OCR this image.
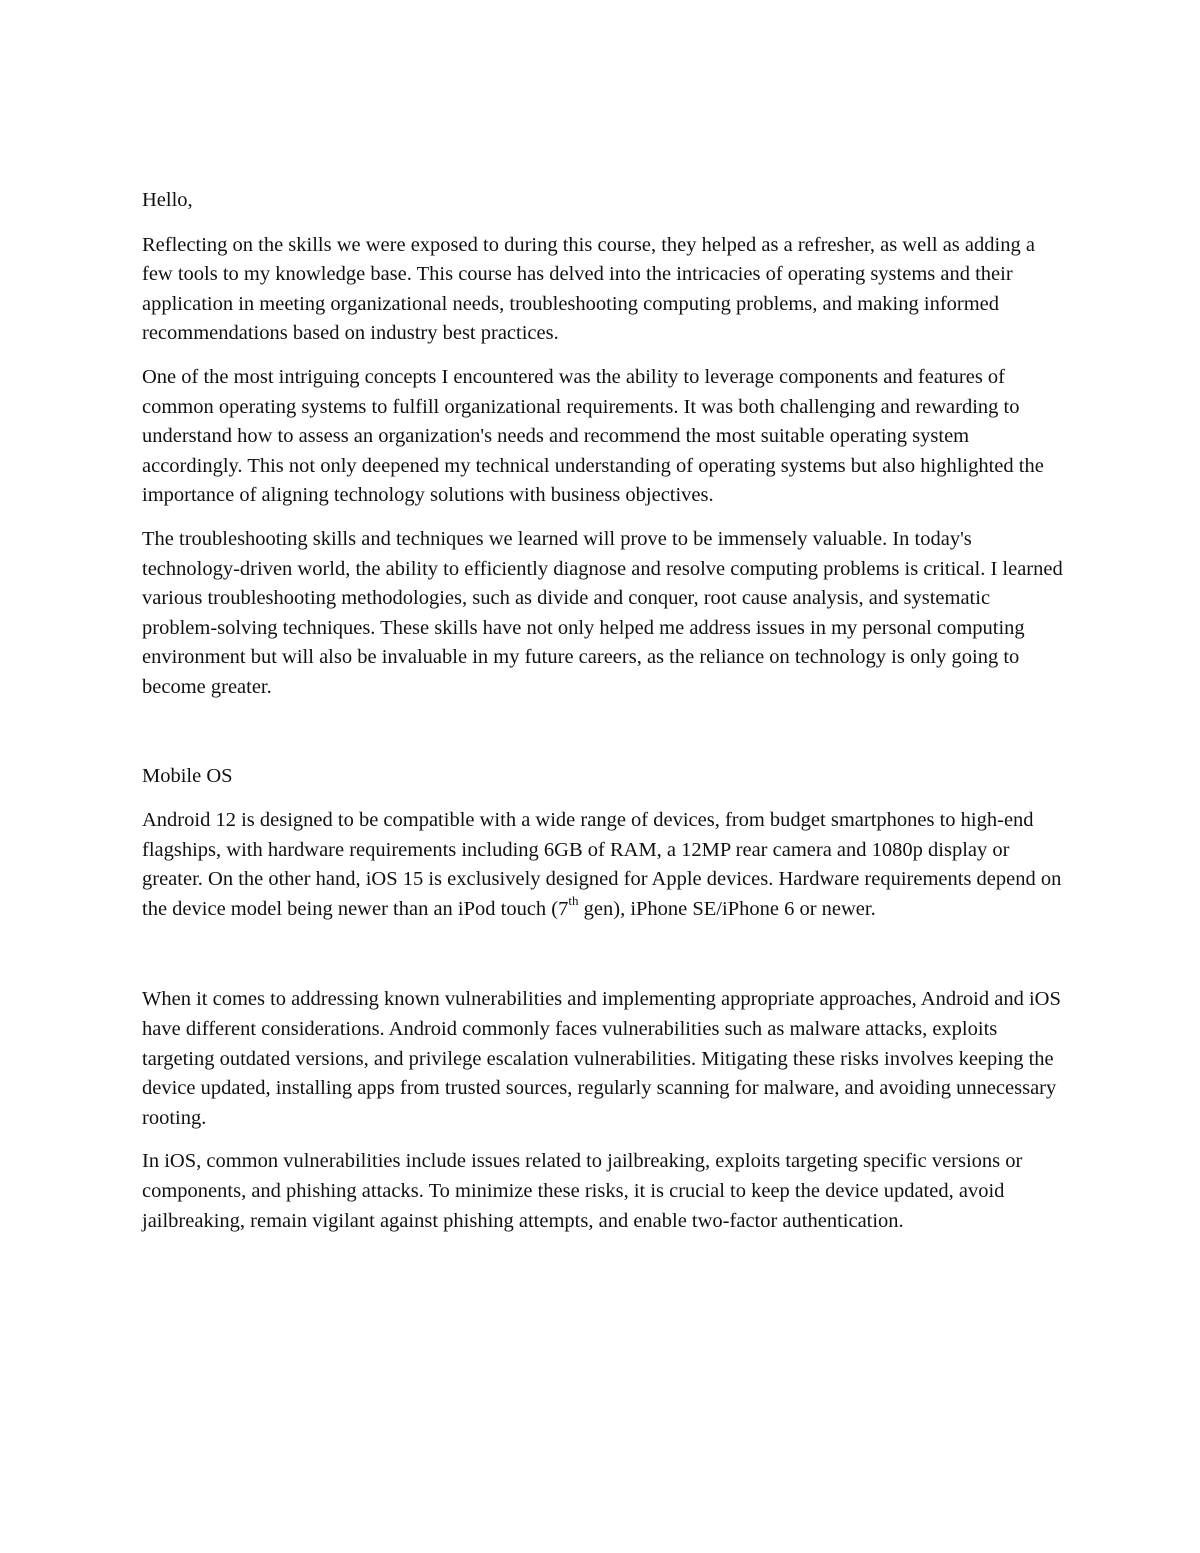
Hello,

Reflecting on the skills we were exposed to during this course, they helped as a refresher, as well as adding a few tools to my knowledge base. This course has delved into the intricacies of operating systems and their application in meeting organizational needs, troubleshooting computing problems, and making informed recommendations based on industry best practices.

One of the most intriguing concepts I encountered was the ability to leverage components and features of common operating systems to fulfill organizational requirements. It was both challenging and rewarding to understand how to assess an organization's needs and recommend the most suitable operating system accordingly. This not only deepened my technical understanding of operating systems but also highlighted the importance of aligning technology solutions with business objectives.

The troubleshooting skills and techniques we learned will prove to be immensely valuable. In today's technology-driven world, the ability to efficiently diagnose and resolve computing problems is critical. I learned various troubleshooting methodologies, such as divide and conquer, root cause analysis, and systematic problem-solving techniques. These skills have not only helped me address issues in my personal computing environment but will also be invaluable in my future careers, as the reliance on technology is only going to become greater.

Mobile OS

Android 12 is designed to be compatible with a wide range of devices, from budget smartphones to high-end flagships, with hardware requirements including 6GB of RAM, a 12MP rear camera and 1080p display or greater. On the other hand, iOS 15 is exclusively designed for Apple devices. Hardware requirements depend on the device model being newer than an iPod touch (7th gen), iPhone SE/iPhone 6 or newer.

When it comes to addressing known vulnerabilities and implementing appropriate approaches, Android and iOS have different considerations. Android commonly faces vulnerabilities such as malware attacks, exploits targeting outdated versions, and privilege escalation vulnerabilities. Mitigating these risks involves keeping the device updated, installing apps from trusted sources, regularly scanning for malware, and avoiding unnecessary rooting.

In iOS, common vulnerabilities include issues related to jailbreaking, exploits targeting specific versions or components, and phishing attacks. To minimize these risks, it is crucial to keep the device updated, avoid jailbreaking, remain vigilant against phishing attempts, and enable two-factor authentication.
